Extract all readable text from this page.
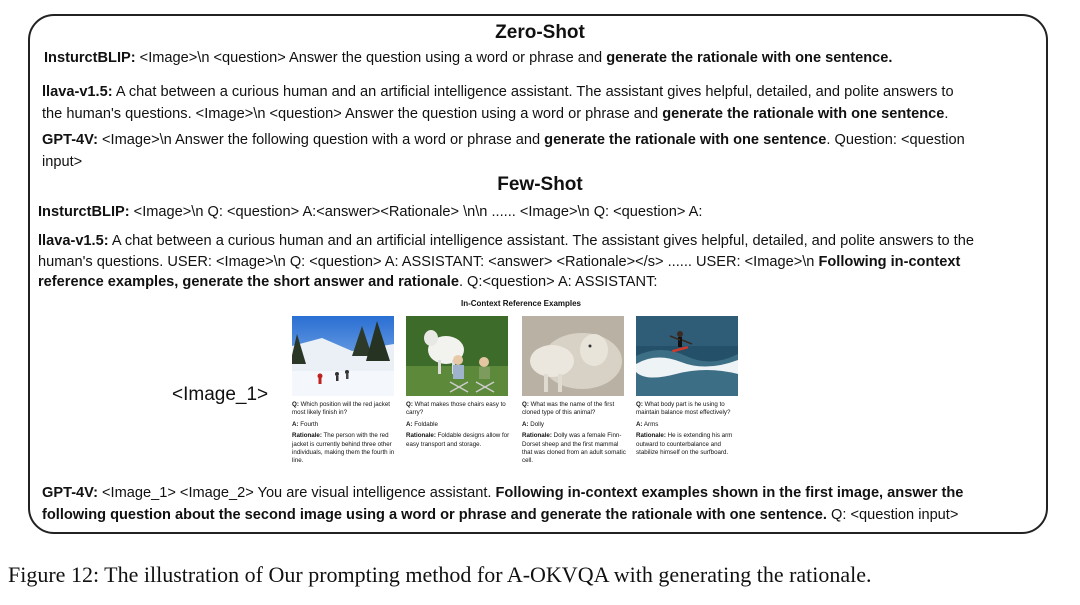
Zero-Shot
InsturctBLIP: <Image>\n <question> Answer the question using a word or phrase and generate the rationale with one sentence.
llava-v1.5: A chat between a curious human and an artificial intelligence assistant. The assistant gives helpful, detailed, and polite answers to
the human's questions. <Image>\n <question> Answer the question using a word or phrase and generate the rationale with one sentence.
GPT-4V: <Image>\n Answer the following question with a word or phrase and generate the rationale with one sentence. Question: <question
input>
Few-Shot
InsturctBLIP: <Image>\n Q: <question> A:<answer><Rationale> \n\n ...... <Image>\n Q: <question> A:
llava-v1.5: A chat between a curious human and an artificial intelligence assistant. The assistant gives helpful, detailed, and polite answers to the
human's questions. USER: <Image>\n Q: <question> A: ASSISTANT: <answer> <Rationale></s> ...... USER: <Image>\n Following in-context
reference examples, generate the short answer and rationale. Q:<question> A: ASSISTANT:
<Image_1>
In-Context Reference Examples

Q: Which position will the red jacket most likely finish in?

A: Fourth

Rationale: The person with the red jacket is currently behind three other individuals, making them the fourth in line.

Q: What makes those chairs easy to carry?

A: Foldable

Rationale: Foldable designs allow for easy transport and storage.

Q: What was the name of the first cloned type of this animal?

A: Dolly

Rationale: Dolly was a female Finn-Dorset sheep and the first mammal that was cloned from an adult somatic cell.

Q: What body part is he using to maintain balance most effectively?

A: Arms

Rationale: He is extending his arm outward to counterbalance and stabilize himself on the surfboard.

GPT-4V: <Image_1> <Image_2> You are visual intelligence assistant. Following in-context examples shown in the first image, answer the
following question about the second image using a word or phrase and generate the rationale with one sentence. Q: <question input>
Figure 12: The illustration of Our prompting method for A-OKVQA with generating the rationale.
